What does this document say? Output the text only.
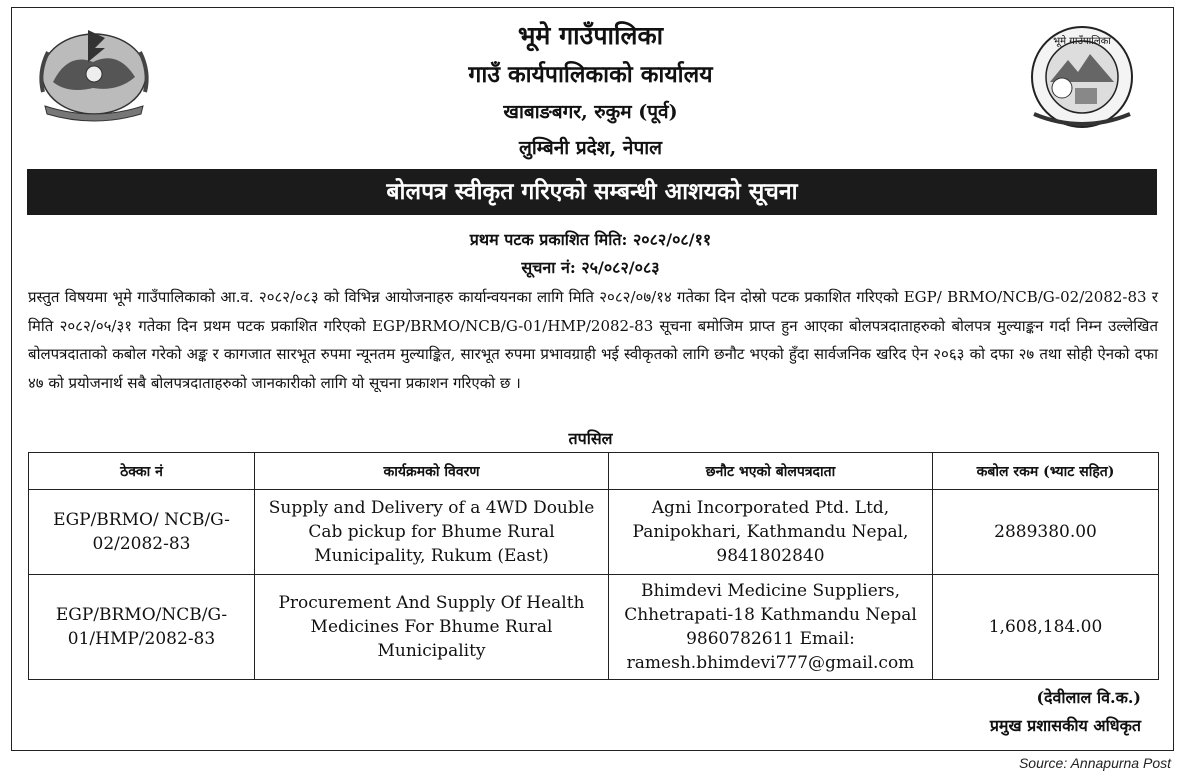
भूमे गाउँपालिका
भूमे गाउँपालिका
गाउँ कार्यपालिकाको कार्यालय
खाबाङबगर, रुकुम (पूर्व)
लुम्बिनी प्रदेश, नेपाल
बोलपत्र स्वीकृत गरिएको सम्बन्धी आशयको सूचना
प्रथम पटक प्रकाशित मिति: २०८२/०८/११
सूचना नं: २५/०८२/०८३
प्रस्तुत विषयमा भूमे गाउँपालिकाको आ.व. २०८२/०८३ को विभिन्न आयोजनाहरु कार्यान्वयनका लागि मिति २०८२/०७/१४ गतेका दिन दोस्रो पटक प्रकाशित गरिएको EGP/ BRMO/NCB/G-02/2082-83 र मिति २०८२/०५/३१ गतेका दिन प्रथम पटक प्रकाशित गरिएको EGP/BRMO/NCB/G-01/HMP/2082-83 सूचना बमोजिम प्राप्त हुन आएका बोलपत्रदाताहरुको बोलपत्र मुल्याङ्कन गर्दा निम्न उल्लेखित बोलपत्रदाताको कबोल गरेको अङ्क र कागजात सारभूत रुपमा न्यूनतम मुल्याङ्कित, सारभूत रुपमा प्रभावग्राही भई स्वीकृतको लागि छनौट भएको हुँदा सार्वजनिक खरिद ऐन २०६३ को दफा २७ तथा सोही ऐनको दफा ४७ को प्रयोजनार्थ सबै बोलपत्रदाताहरुको जानकारीको लागि यो सूचना प्रकाशन गरिएको छ ।
तपसिल
ठेक्का नं	कार्यक्रमको विवरण	छनौट भएको बोलपत्रदाता	कबोल रकम (भ्याट सहित)
EGP/BRMO/ NCB/G-02/2082-83	Supply and Delivery of a 4WD Double Cab pickup for Bhume Rural Municipality, Rukum (East)	Agni Incorporated Ptd. Ltd, Panipokhari, Kathmandu Nepal, 9841802840	2889380.00
EGP/BRMO/NCB/G-01/HMP/2082-83	Procurement And Supply Of Health Medicines For Bhume Rural Municipality	Bhimdevi Medicine Suppliers, Chhetrapati-18 Kathmandu Nepal 9860782611 Email: ramesh.bhimdevi777@gmail.com	1,608,184.00
(देवीलाल वि.क.)
प्रमुख प्रशासकीय अधिकृत
Source: Annapurna Post
